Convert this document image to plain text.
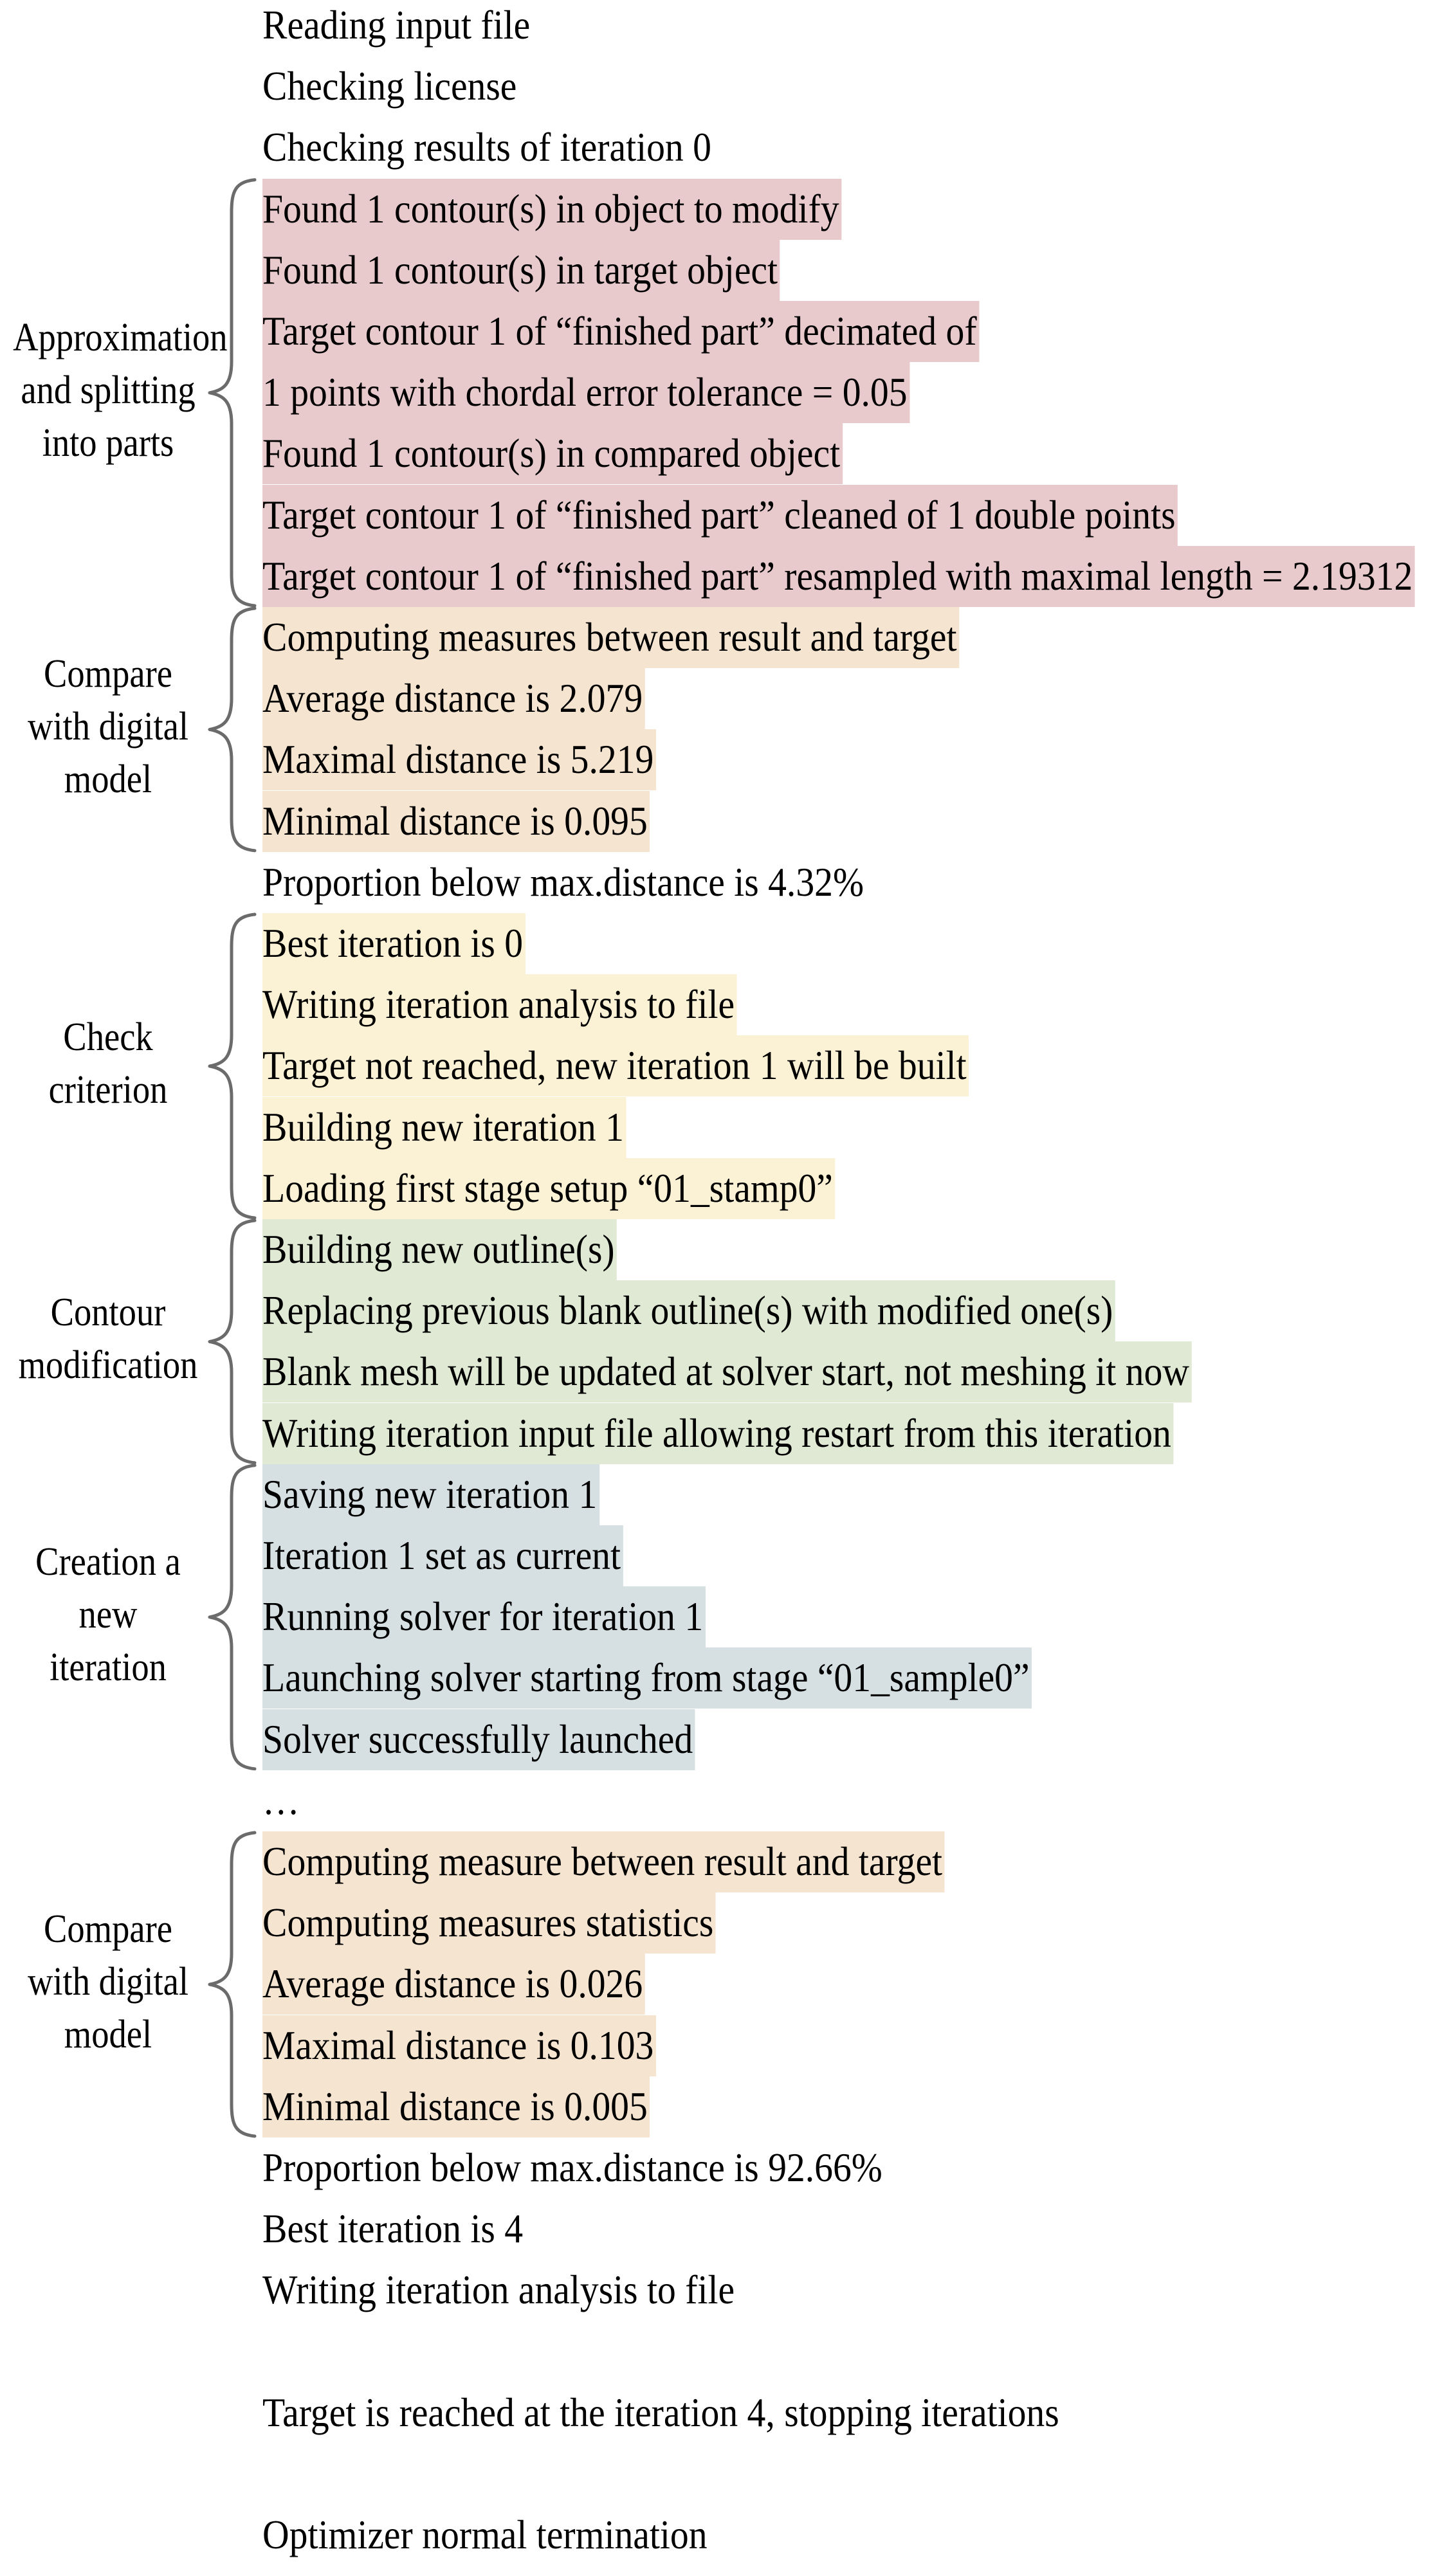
Reading input file
Checking license
Checking results of iteration 0
Found 1 contour(s) in object to modify
Found 1 contour(s) in target object
Target contour 1 of “finished part” decimated of
1 points with chordal error tolerance = 0.05
Found 1 contour(s) in compared object
Target contour 1 of “finished part” cleaned of 1 double points
Target contour 1 of “finished part” resampled with maximal length = 2.19312
Computing measures between result and target
Average distance is 2.079
Maximal distance is 5.219
Minimal distance is 0.095
Proportion below max.distance is 4.32%
Best iteration is 0
Writing iteration analysis to file
Target not reached, new iteration 1 will be built
Building new iteration 1
Loading first stage setup “01_stamp0”
Building new outline(s)
Replacing previous blank outline(s) with modified one(s)
Blank mesh will be updated at solver start, not meshing it now
Writing iteration input file allowing restart from this iteration
Saving new iteration 1
Iteration 1 set as current
Running solver for iteration 1
Launching solver starting from stage “01_sample0”
Solver successfully launched
…
Computing measure between result and target
Computing measures statistics
Average distance is 0.026
Maximal distance is 0.103
Minimal distance is 0.005
Proportion below max.distance is 92.66%
Best iteration is 4
Writing iteration analysis to file
Target is reached at the iteration 4, stopping iterations
Optimizer normal termination
Approximation
and splitting
into parts
Compare
with digital
model
Check
criterion
Contour
modification
Creation a
new
iteration
Compare
with digital
model
